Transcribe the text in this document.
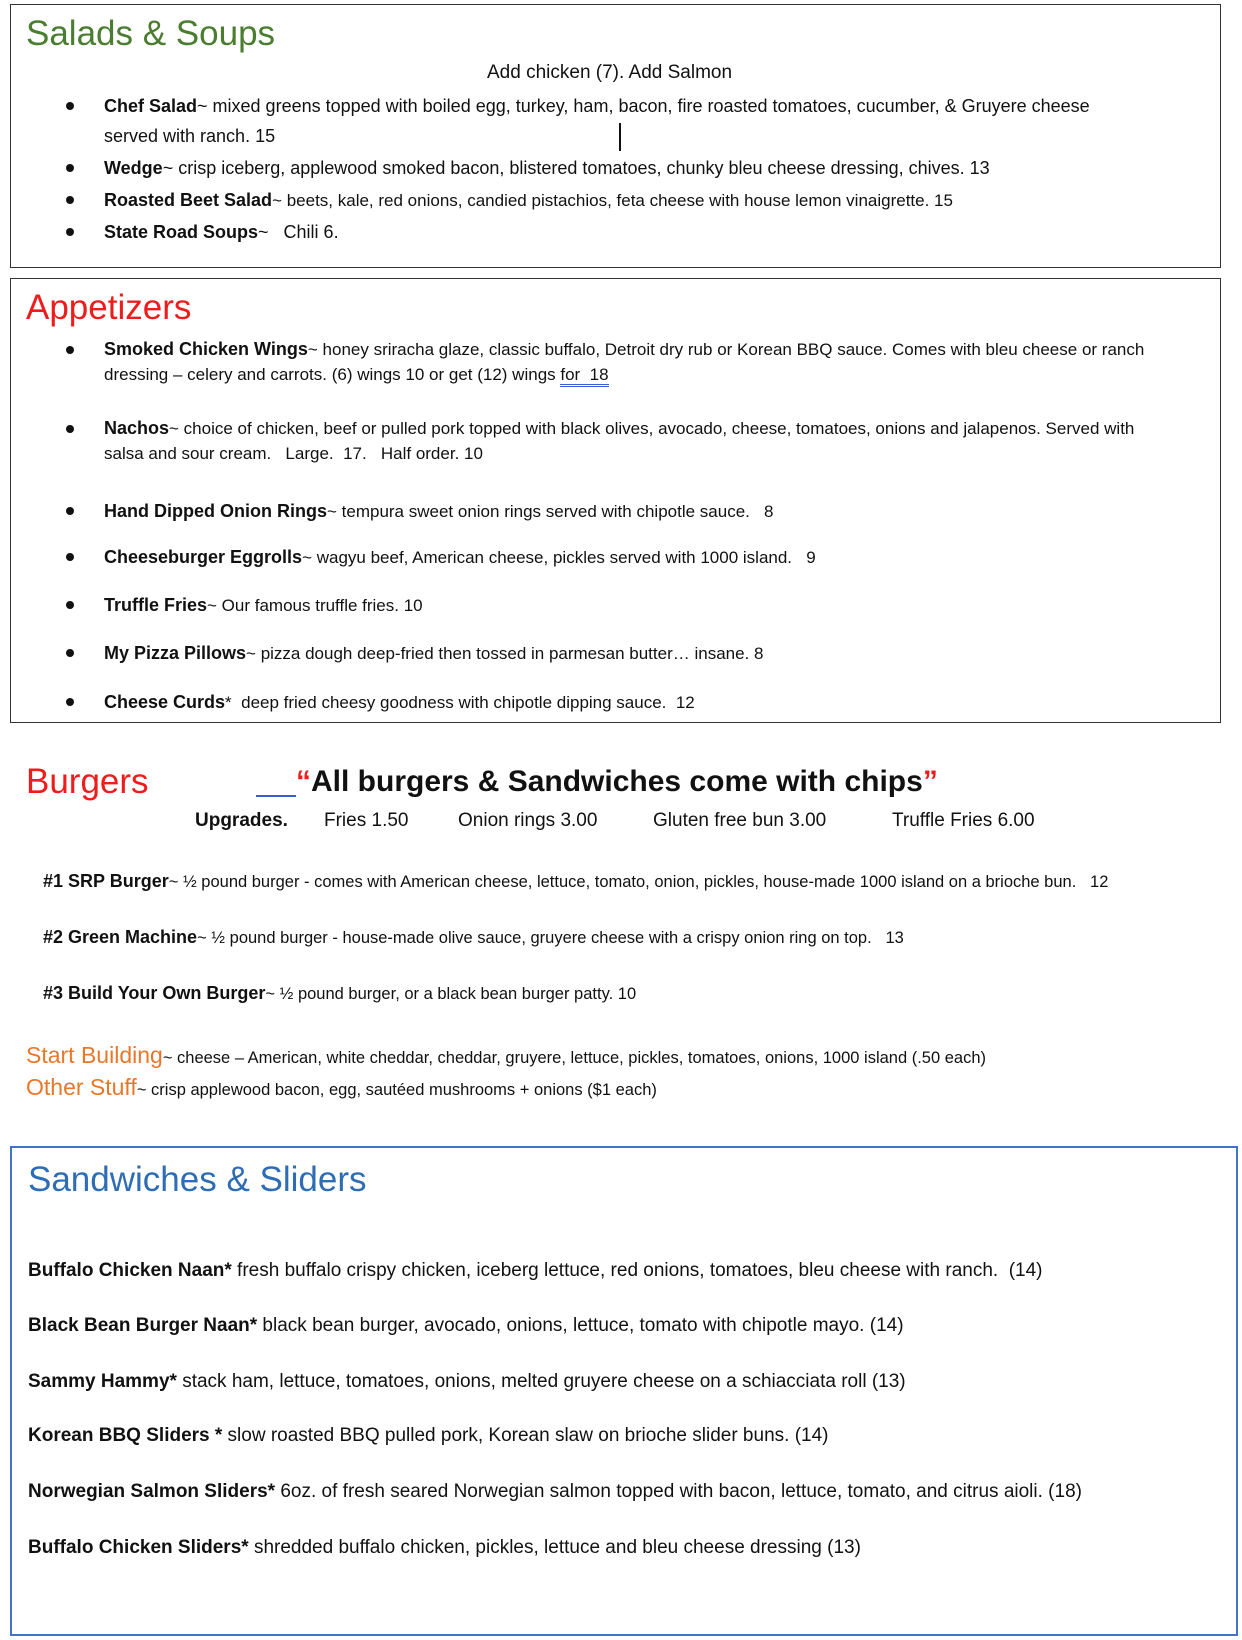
Salads & Soups
Add chicken (7). Add Salmon
Chef Salad~ mixed greens topped with boiled egg, turkey, ham, bacon, fire roasted tomatoes, cucumber, & Gruyere cheese
served with ranch. 15
Wedge~ crisp iceberg, applewood smoked bacon, blistered tomatoes, chunky bleu cheese dressing, chives. 13
Roasted Beet Salad~ beets, kale, red onions, candied pistachios, feta cheese with house lemon vinaigrette. 15
State Road Soups~   Chili 6.
Appetizers
Smoked Chicken Wings~ honey sriracha glaze, classic buffalo, Detroit dry rub or Korean BBQ sauce. Comes with bleu cheese or ranch
dressing – celery and carrots. (6) wings 10 or get (12) wings for  18
Nachos~ choice of chicken, beef or pulled pork topped with black olives, avocado, cheese, tomatoes, onions and jalapenos. Served with
salsa and sour cream.   Large.  17.   Half order. 10
Hand Dipped Onion Rings~ tempura sweet onion rings served with chipotle sauce.   8
Cheeseburger Eggrolls~ wagyu beef, American cheese, pickles served with 1000 island.   9
Truffle Fries~ Our famous truffle fries. 10
My Pizza Pillows~ pizza dough deep-fried then tossed in parmesan butter… insane. 8
Cheese Curds*  deep fried cheesy goodness with chipotle dipping sauce.  12
Burgers	“All burgers & Sandwiches come with chips”
Upgrades. Fries 1.50	Onion rings 3.00	Gluten free bun 3.00	Truffle Fries 6.00
#1 SRP Burger~ ½ pound burger - comes with American cheese, lettuce, tomato, onion, pickles, house-made 1000 island on a brioche bun.   12
#2 Green Machine~ ½ pound burger - house-made olive sauce, gruyere cheese with a crispy onion ring on top.   13
#3 Build Your Own Burger~ ½ pound burger, or a black bean burger patty. 10
Start Building~ cheese – American, white cheddar, cheddar, gruyere, lettuce, pickles, tomatoes, onions, 1000 island (.50 each)
Other Stuff~ crisp applewood bacon, egg, sautéed mushrooms + onions ($1 each)
Sandwiches & Sliders
Buffalo Chicken Naan* fresh buffalo crispy chicken, iceberg lettuce, red onions, tomatoes, bleu cheese with ranch.  (14)
Black Bean Burger Naan* black bean burger, avocado, onions, lettuce, tomato with chipotle mayo. (14)
Sammy Hammy* stack ham, lettuce, tomatoes, onions, melted gruyere cheese on a schiacciata roll (13)
Korean BBQ Sliders * slow roasted BBQ pulled pork, Korean slaw on brioche slider buns. (14)
Norwegian Salmon Sliders* 6oz. of fresh seared Norwegian salmon topped with bacon, lettuce, tomato, and citrus aioli. (18)
Buffalo Chicken Sliders* shredded buffalo chicken, pickles, lettuce and bleu cheese dressing (13)
